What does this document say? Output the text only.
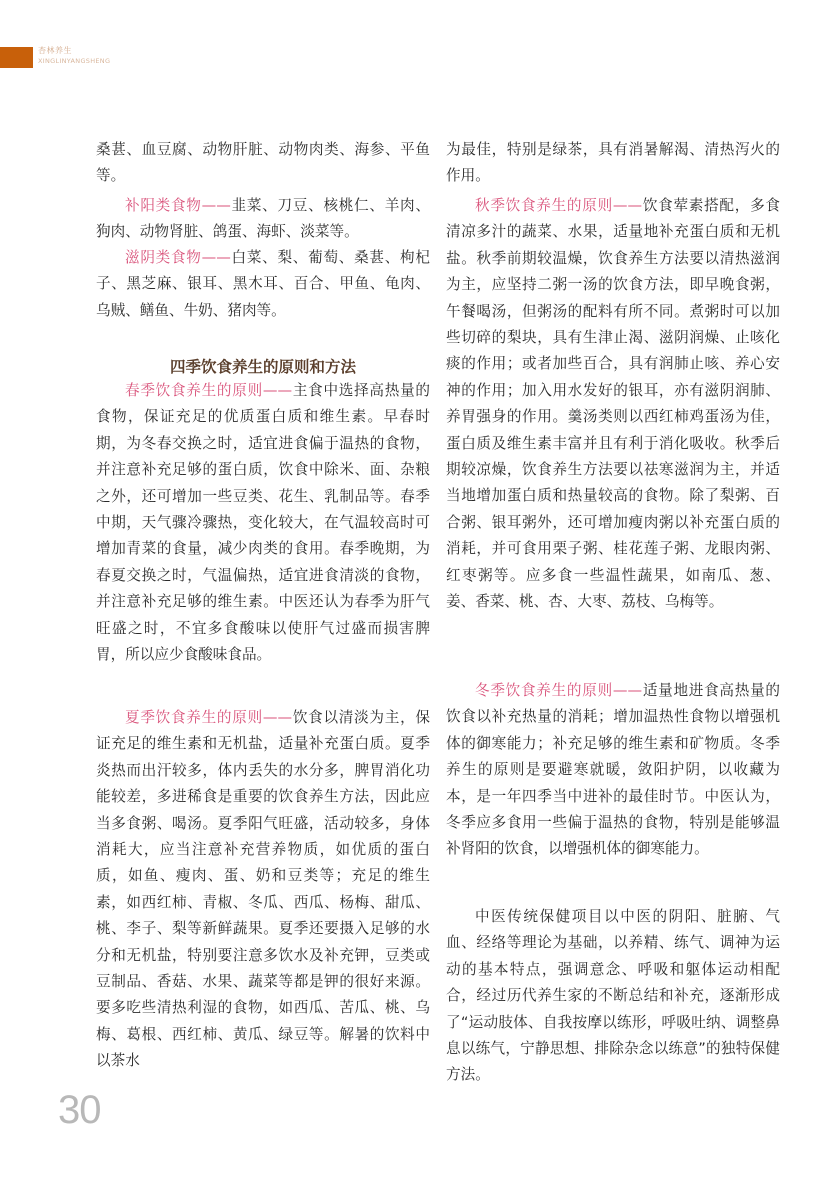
杏林养生
XINGLINYANGSHENG

桑葚、血豆腐、动物肝脏、动物肉类、海参、平鱼等。

补阳类食物——韭菜、刀豆、核桃仁、羊肉、狗肉、动物肾脏、鸽蛋、海虾、淡菜等。

滋阴类食物——白菜、梨、葡萄、桑葚、枸杞子、黑芝麻、银耳、黑木耳、百合、甲鱼、龟肉、乌贼、鳝鱼、牛奶、猪肉等。

四季饮食养生的原则和方法

春季饮食养生的原则——主食中选择高热量的食物，保证充足的优质蛋白质和维生素。早春时期，为冬春交换之时，适宜进食偏于温热的食物，并注意补充足够的蛋白质，饮食中除米、面、杂粮之外，还可增加一些豆类、花生、乳制品等。春季中期，天气骤冷骤热，变化较大，在气温较高时可增加青菜的食量，减少肉类的食用。春季晚期，为春夏交换之时，气温偏热，适宜进食清淡的食物，并注意补充足够的维生素。中医还认为春季为肝气旺盛之时，不宜多食酸味以使肝气过盛而损害脾胃，所以应少食酸味食品。

夏季饮食养生的原则——饮食以清淡为主，保证充足的维生素和无机盐，适量补充蛋白质。夏季炎热而出汗较多，体内丢失的水分多，脾胃消化功能较差，多进稀食是重要的饮食养生方法，因此应当多食粥、喝汤。夏季阳气旺盛，活动较多，身体消耗大，应当注意补充营养物质，如优质的蛋白质，如鱼、瘦肉、蛋、奶和豆类等；充足的维生素，如西红柿、青椒、冬瓜、西瓜、杨梅、甜瓜、桃、李子、梨等新鲜蔬果。夏季还要摄入足够的水分和无机盐，特别要注意多饮水及补充钾，豆类或豆制品、香菇、水果、蔬菜等都是钾的很好来源。要多吃些清热利湿的食物，如西瓜、苦瓜、桃、乌梅、葛根、西红柿、黄瓜、绿豆等。解暑的饮料中以茶水

为最佳，特别是绿茶，具有消暑解渴、清热泻火的作用。

秋季饮食养生的原则——饮食荤素搭配，多食清凉多汁的蔬菜、水果，适量地补充蛋白质和无机盐。秋季前期较温燥，饮食养生方法要以清热滋润为主，应坚持二粥一汤的饮食方法，即早晚食粥，午餐喝汤，但粥汤的配料有所不同。煮粥时可以加些切碎的梨块，具有生津止渴、滋阴润燥、止咳化痰的作用；或者加些百合，具有润肺止咳、养心安神的作用；加入用水发好的银耳，亦有滋阴润肺、养胃强身的作用。羹汤类则以西红柿鸡蛋汤为佳，蛋白质及维生素丰富并且有利于消化吸收。秋季后期较凉燥，饮食养生方法要以祛寒滋润为主，并适当地增加蛋白质和热量较高的食物。除了梨粥、百合粥、银耳粥外，还可增加瘦肉粥以补充蛋白质的消耗，并可食用栗子粥、桂花莲子粥、龙眼肉粥、红枣粥等。应多食一些温性蔬果，如南瓜、葱、姜、香菜、桃、杏、大枣、荔枝、乌梅等。

冬季饮食养生的原则——适量地进食高热量的饮食以补充热量的消耗；增加温热性食物以增强机体的御寒能力；补充足够的维生素和矿物质。冬季养生的原则是要避寒就暖，敛阳护阴，以收藏为本，是一年四季当中进补的最佳时节。中医认为，冬季应多食用一些偏于温热的食物，特别是能够温补肾阳的饮食，以增强机体的御寒能力。

中医传统保健项目以中医的阴阳、脏腑、气血、经络等理论为基础，以养精、练气、调神为运动的基本特点，强调意念、呼吸和躯体运动相配合，经过历代养生家的不断总结和补充，逐渐形成了“运动肢体、自我按摩以练形，呼吸吐纳、调整鼻息以练气，宁静思想、排除杂念以练意”的独特保健方法。

30
